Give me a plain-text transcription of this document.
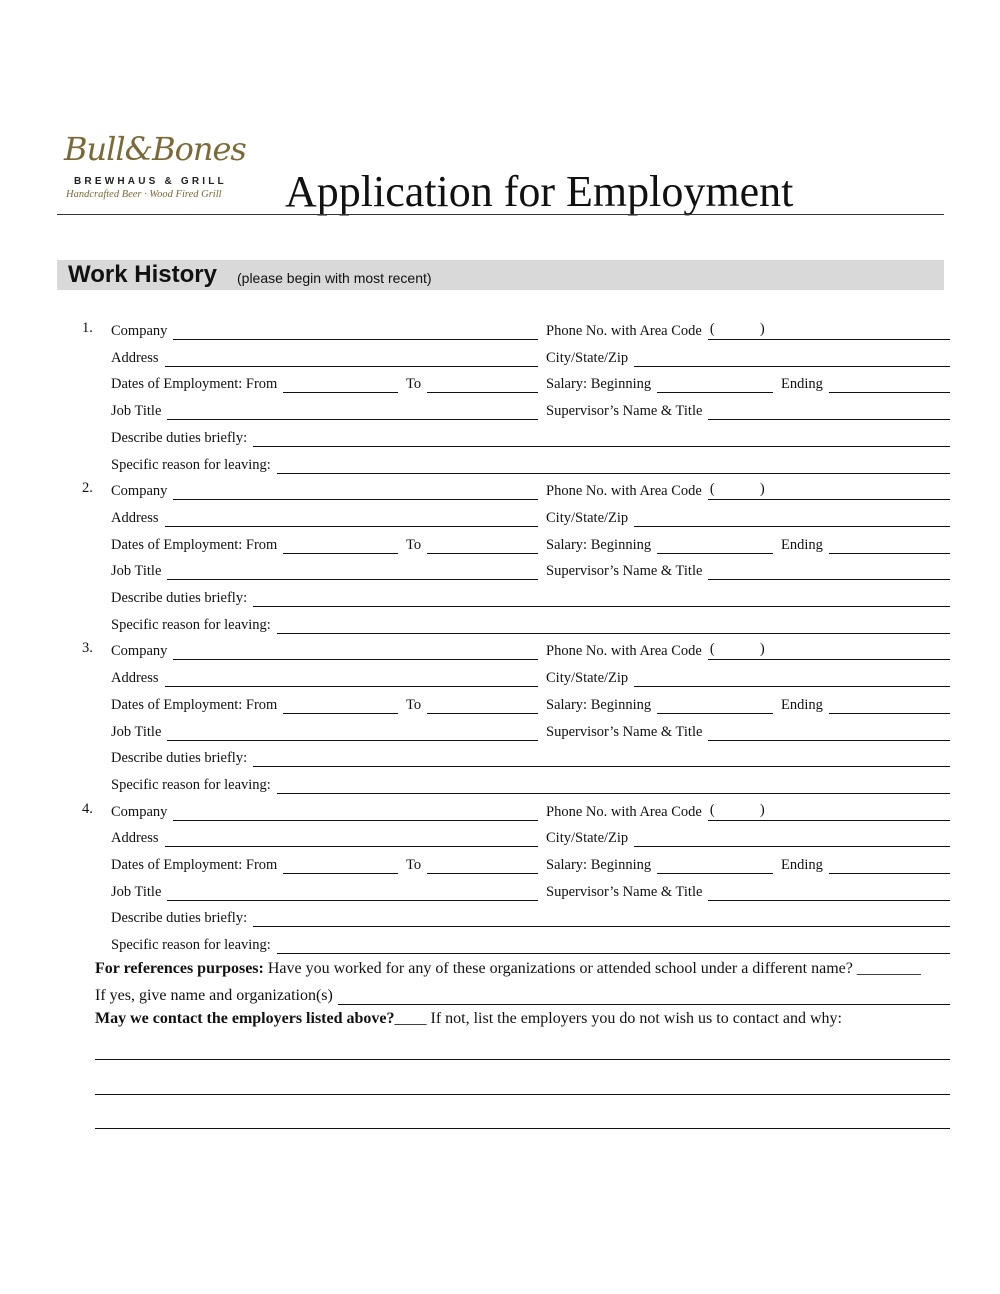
Bull&Bones
BREWHAUS & GRILL
Handcrafted Beer · Wood Fired Grill Application for Employment
Work History (please begin with most recent)
1. Company	Phone No. with Area Code (	)
Address	City/State/Zip
Dates of Employment: From	To	Salary: Beginning	Ending
Job Title	Supervisor’s Name & Title
Describe duties briefly:
Specific reason for leaving:
2. Company	Phone No. with Area Code (	)
Address	City/State/Zip
Dates of Employment: From	To	Salary: Beginning	Ending
Job Title	Supervisor’s Name & Title
Describe duties briefly:
Specific reason for leaving:
3. Company	Phone No. with Area Code (	)
Address	City/State/Zip
Dates of Employment: From	To	Salary: Beginning	Ending
Job Title	Supervisor’s Name & Title
Describe duties briefly:
Specific reason for leaving:
4. Company	Phone No. with Area Code (	)
Address	City/State/Zip
Dates of Employment: From	To	Salary: Beginning	Ending
Job Title	Supervisor’s Name & Title
Describe duties briefly:
Specific reason for leaving:
For references purposes: Have you worked for any of these organizations or attended school under a different name? ________
If yes, give name and organization(s)
May we contact the employers listed above?____ If not, list the employers you do not wish us to contact and why:
